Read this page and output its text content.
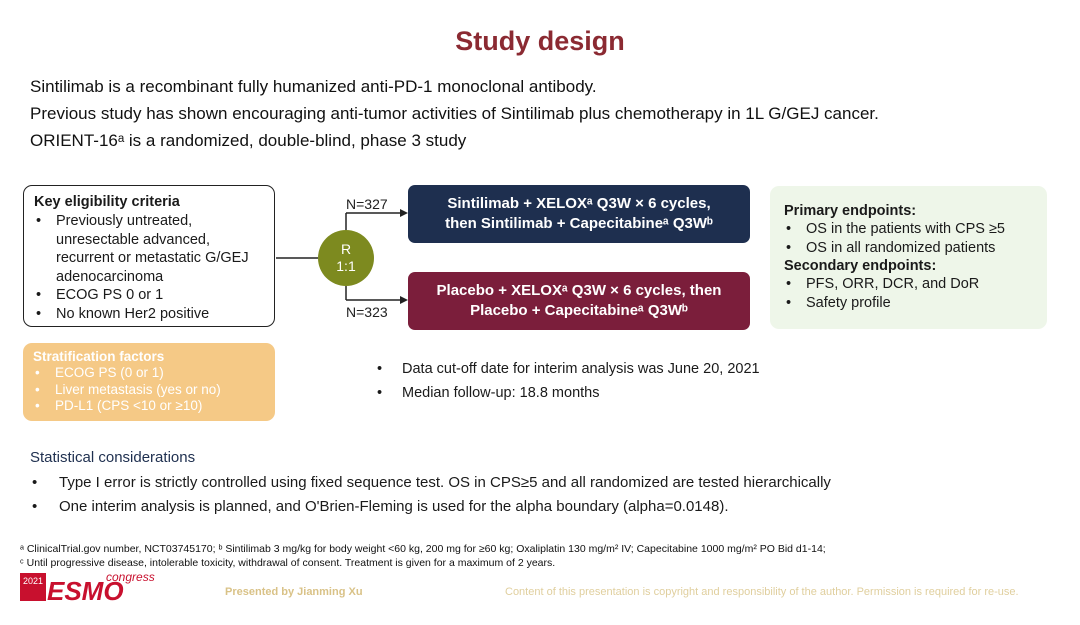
Study design
Sintilimab is a recombinant fully humanized anti-PD-1 monoclonal antibody.
Previous study has shown encouraging anti-tumor activities of Sintilimab plus chemotherapy in 1L G/GEJ cancer.
ORIENT-16ᵃ is a randomized, double-blind, phase 3 study
Key eligibility criteria
• Previously untreated, unresectable advanced, recurrent or metastatic G/GEJ adenocarcinoma
• ECOG PS 0 or 1
• No known Her2 positive
Stratification factors
• ECOG PS (0 or 1)
• Liver metastasis (yes or no)
• PD-L1 (CPS <10 or ≥10)
R
1:1
N=327
N=323
Sintilimab + XELOXᵃ Q3W × 6 cycles,
then Sintilimab + Capecitabineᵃ Q3Wᵇ
Placebo + XELOXᵃ Q3W × 6 cycles, then
Placebo + Capecitabineᵃ Q3Wᵇ
Primary endpoints:
• OS in the patients with CPS ≥5
• OS in all randomized patients
Secondary endpoints:
• PFS, ORR, DCR, and DoR
• Safety profile
• Data cut-off date for interim analysis was June 20, 2021
• Median follow-up: 18.8 months
Statistical considerations
• Type I error is strictly controlled using fixed sequence test. OS in CPS≥5 and all randomized are tested hierarchically
• One interim analysis is planned, and O'Brien-Fleming is used for the alpha boundary (alpha=0.0148).
ᵃ ClinicalTrial.gov number, NCT03745170; ᵇ Sintilimab 3 mg/kg for body weight <60 kg, 200 mg for ≥60 kg; Oxaliplatin 130 mg/m² IV; Capecitabine 1000 mg/m² PO Bid d1-14;
ᶜ Until progressive disease, intolerable toxicity, withdrawal of consent. Treatment is given for a maximum of 2 years.
2021 ESMO
congress
Presented by Jianming Xu	Content of this presentation is copyright and responsibility of the author. Permission is required for re-use.
